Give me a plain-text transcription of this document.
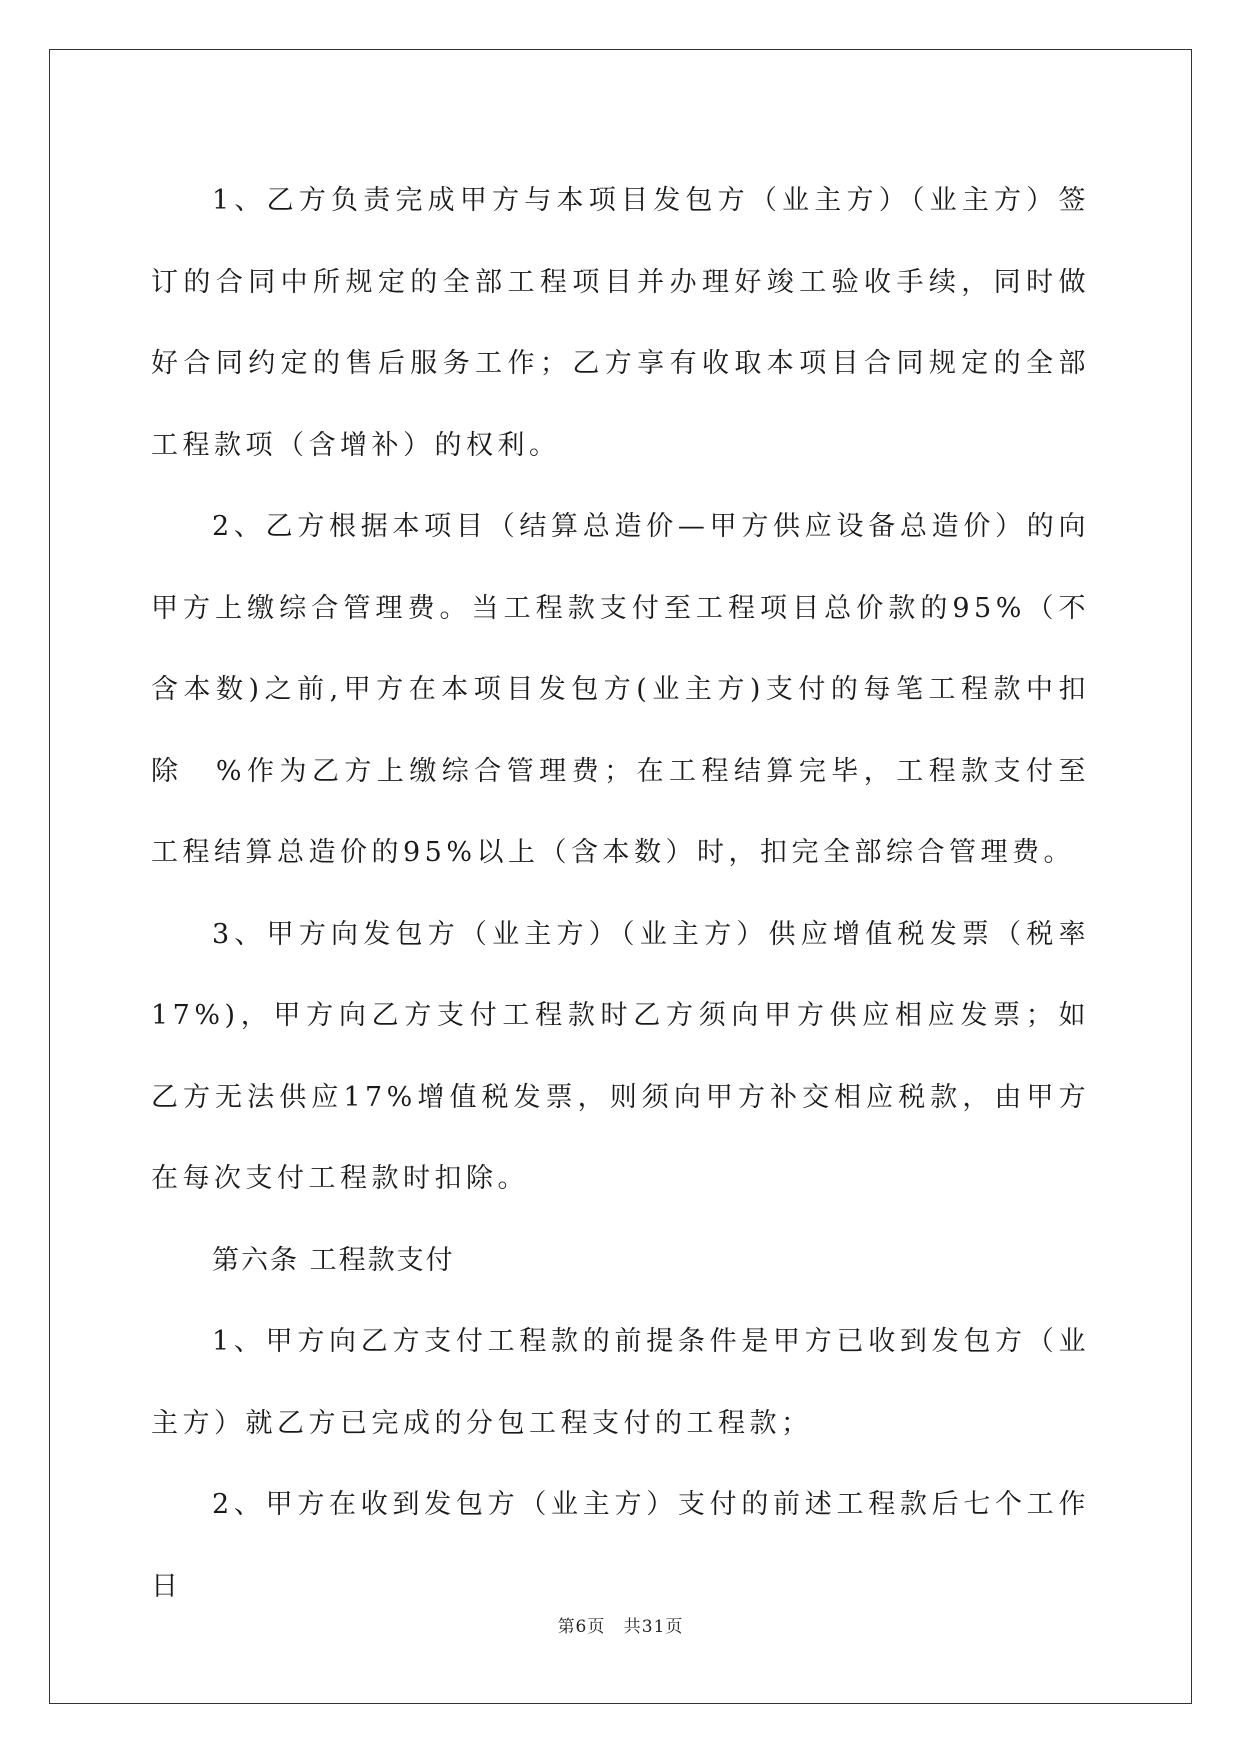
1、乙方负责完成甲方与本项目发包方（业主方）（业主方）签订的合同中所规定的全部工程项目并办理好竣工验收手续，同时做好合同约定的售后服务工作；乙方享有收取本项目合同规定的全部工程款项（含增补）的权利。

2、乙方根据本项目（结算总造价—甲方供应设备总造价）的向甲方上缴综合管理费。当工程款支付至工程项目总价款的95%（不含本数)之前,甲方在本项目发包方(业主方)支付的每笔工程款中扣除　%作为乙方上缴综合管理费；在工程结算完毕，工程款支付至工程结算总造价的95%以上（含本数）时，扣完全部综合管理费。

3、甲方向发包方（业主方）（业主方）供应增值税发票（税率17%)，甲方向乙方支付工程款时乙方须向甲方供应相应发票；如乙方无法供应17%增值税发票，则须向甲方补交相应税款，由甲方在每次支付工程款时扣除。

第六条 工程款支付

1、甲方向乙方支付工程款的前提条件是甲方已收到发包方（业主方）就乙方已完成的分包工程支付的工程款；

2、甲方在收到发包方（业主方）支付的前述工程款后七个工作日

第6页 共31页
